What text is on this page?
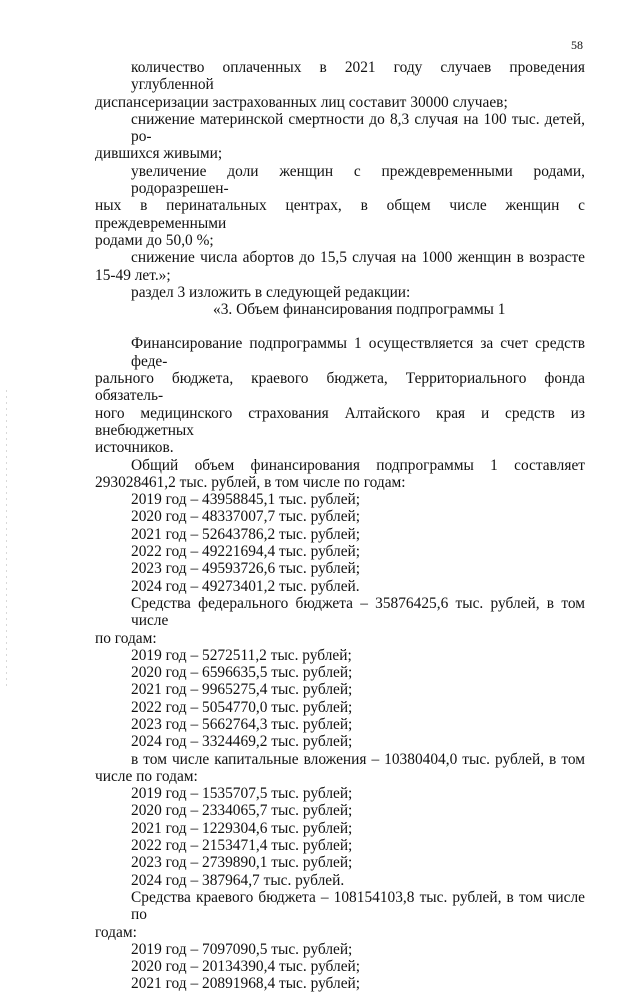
58
количество оплаченных в 2021 году случаев проведения углубленной
диспансеризации застрахованных лиц составит 30000 случаев;
снижение материнской смертности до 8,3 случая на 100 тыс. детей, ро-
дившихся живыми;
увеличение доли женщин с преждевременными родами, родоразрешен-
ных в перинатальных центрах, в общем числе женщин с преждевременными
родами до 50,0 %;
снижение числа абортов до 15,5 случая на 1000 женщин в возрасте
15-49 лет.»;
раздел 3 изложить в следующей редакции:
«3. Объем финансирования подпрограммы 1
Финансирование подпрограммы 1 осуществляется за счет средств феде-
рального бюджета, краевого бюджета, Территориального фонда обязатель-
ного медицинского страхования Алтайского края и средств из внебюджетных
источников.
Общий объем финансирования подпрограммы 1 составляет
293028461,2 тыс. рублей, в том числе по годам:
2019 год – 43958845,1 тыс. рублей;
2020 год – 48337007,7 тыс. рублей;
2021 год – 52643786,2 тыс. рублей;
2022 год – 49221694,4 тыс. рублей;
2023 год – 49593726,6 тыс. рублей;
2024 год – 49273401,2 тыс. рублей.
Средства федерального бюджета – 35876425,6 тыс. рублей, в том числе
по годам:
2019 год – 5272511,2 тыс. рублей;
2020 год – 6596635,5 тыс. рублей;
2021 год – 9965275,4 тыс. рублей;
2022 год – 5054770,0 тыс. рублей;
2023 год – 5662764,3 тыс. рублей;
2024 год – 3324469,2 тыс. рублей;
в том числе капитальные вложения – 10380404,0 тыс. рублей, в том
числе по годам:
2019 год – 1535707,5 тыс. рублей;
2020 год – 2334065,7 тыс. рублей;
2021 год – 1229304,6 тыс. рублей;
2022 год – 2153471,4 тыс. рублей;
2023 год – 2739890,1 тыс. рублей;
2024 год – 387964,7 тыс. рублей.
Средства краевого бюджета – 108154103,8 тыс. рублей, в том числе по
годам:
2019 год – 7097090,5 тыс. рублей;
2020 год – 20134390,4 тыс. рублей;
2021 год – 20891968,4 тыс. рублей;
